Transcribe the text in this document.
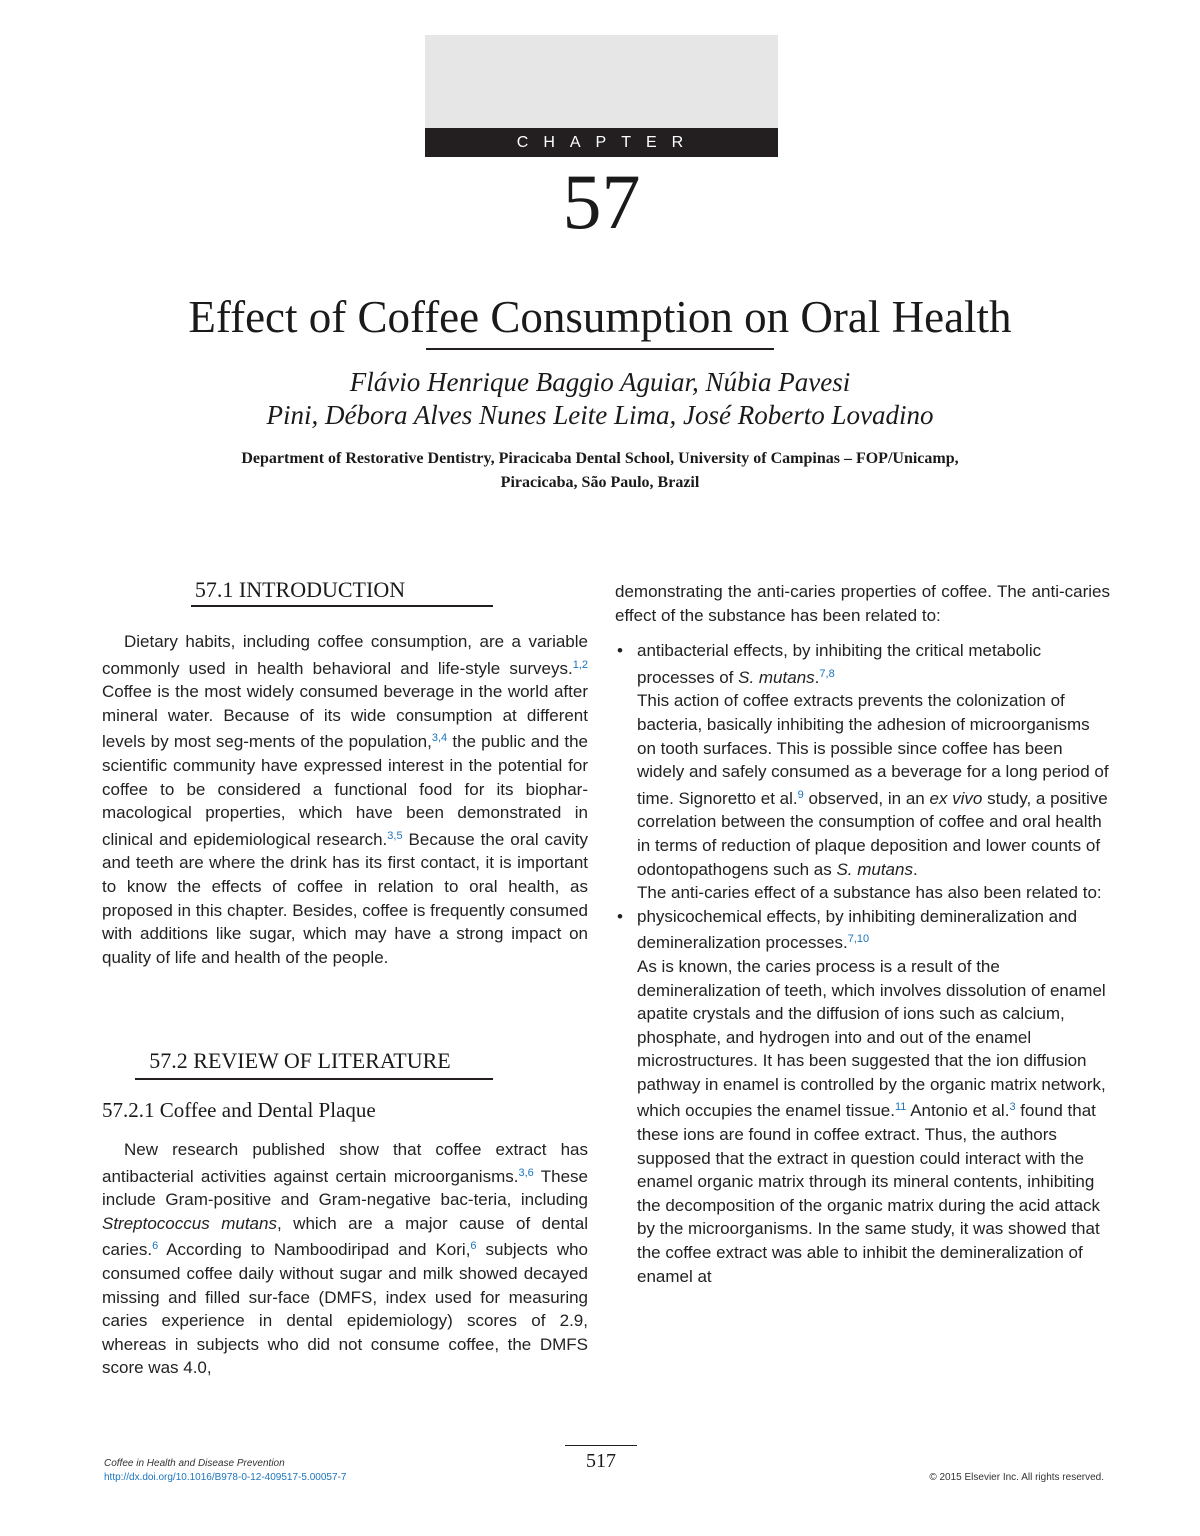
CHAPTER
57
Effect of Coffee Consumption on Oral Health
Flávio Henrique Baggio Aguiar, Núbia Pavesi
Pini, Débora Alves Nunes Leite Lima, José Roberto Lovadino
Department of Restorative Dentistry, Piracicaba Dental School, University of Campinas – FOP/Unicamp,
Piracicaba, São Paulo, Brazil
57.1 INTRODUCTION

Dietary habits, including coffee consumption, are a variable commonly used in health behavioral and life-style surveys.$^{1,2}$ Coffee is the most widely consumed beverage in the world after mineral water. Because of its wide consumption at different levels by most seg-ments of the population,$^{3,4}$ the public and the scientific community have expressed interest in the potential for coffee to be considered a functional food for its biophar-macological properties, which have been demonstrated in clinical and epidemiological research.$^{3,5}$ Because the oral cavity and teeth are where the drink has its first contact, it is important to know the effects of coffee in relation to oral health, as proposed in this chapter. Besides, coffee is frequently consumed with additions like sugar, which may have a strong impact on quality of life and health of the people.

57.2 REVIEW OF LITERATURE
57.2.1 Coffee and Dental Plaque

New research published show that coffee extract has antibacterial activities against certain microorganisms.$^{3,6}$ These include Gram-positive and Gram-negative bac-teria, including Streptococcus mutans, which are a major cause of dental caries.$^6$ According to Namboodiripad and Kori,$^6$ subjects who consumed coffee daily without sugar and milk showed decayed missing and filled sur-face (DMFS, index used for measuring caries experience in dental epidemiology) scores of 2.9, whereas in subjects who did not consume coffee, the DMFS score was 4.0,

demonstrating the anti-caries properties of coffee. The anti-caries effect of the substance has been related to:

• antibacterial effects, by inhibiting the critical metabolic processes of S. mutans.$^{7,8}$

This action of coffee extracts prevents the colonization of bacteria, basically inhibiting the adhesion of microorganisms on tooth surfaces. This is possible since coffee has been widely and safely consumed as a beverage for a long period of time. Signoretto et al.$^9$ observed, in an ex vivo study, a positive correlation between the consumption of coffee and oral health in terms of reduction of plaque deposition and lower counts of odontopathogens such as S. mutans.

The anti-caries effect of a substance has also been related to:

• physicochemical effects, by inhibiting demineralization and demineralization processes.$^{7,10}$

As is known, the caries process is a result of the demineralization of teeth, which involves dissolution of enamel apatite crystals and the diffusion of ions such as calcium, phosphate, and hydrogen into and out of the enamel microstructures. It has been suggested that the ion diffusion pathway in enamel is controlled by the organic matrix network, which occupies the enamel tissue.$^{11}$ Antonio et al.$^3$ found that these ions are found in coffee extract. Thus, the authors supposed that the extract in question could interact with the enamel organic matrix through its mineral contents, inhibiting the decomposition of the organic matrix during the acid attack by the microorganisms. In the same study, it was showed that the coffee extract was able to inhibit the demineralization of enamel at

517
Coffee in Health and Disease Prevention
http://dx.doi.org/10.1016/B978-0-12-409517-5.00057-7	© 2015 Elsevier Inc. All rights reserved.
